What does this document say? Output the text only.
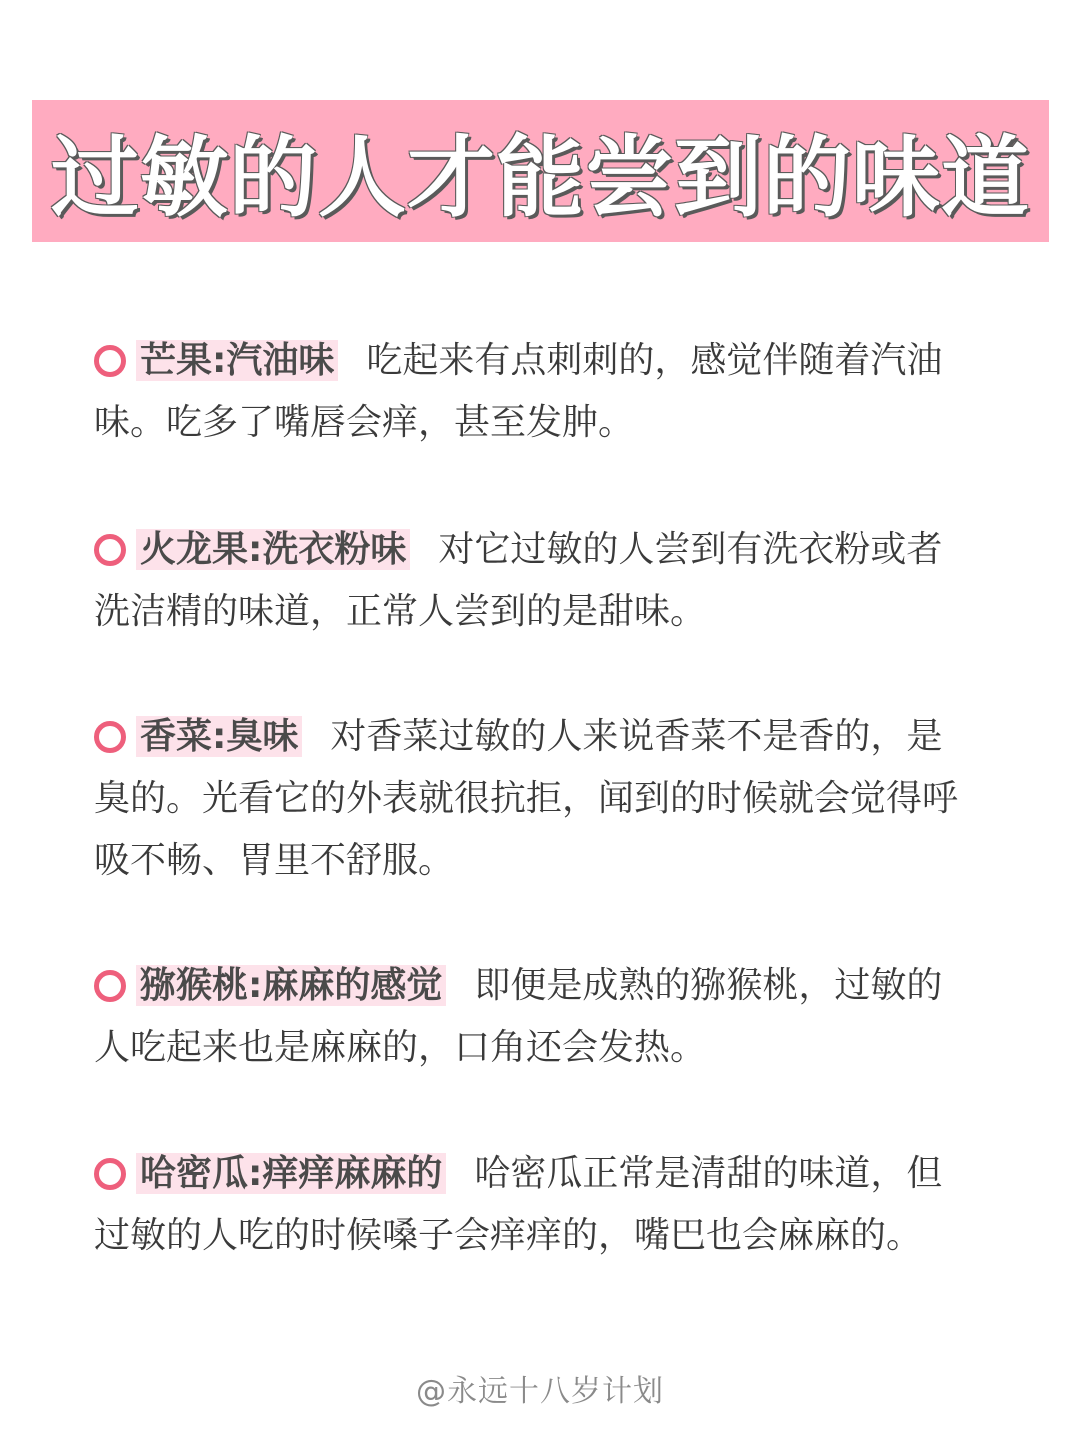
过敏的人才能尝到的味道
芒果:汽油味 吃起来有点刺刺的，感觉伴随着汽油味。吃多了嘴唇会痒，甚至发肿。
火龙果:洗衣粉味 对它过敏的人尝到有洗衣粉或者洗洁精的味道，正常人尝到的是甜味。
香菜:臭味 对香菜过敏的人来说香菜不是香的，是臭的。光看它的外表就很抗拒，闻到的时候就会觉得呼吸不畅、胃里不舒服。
猕猴桃:麻麻的感觉 即便是成熟的猕猴桃，过敏的人吃起来也是麻麻的，口角还会发热。
哈密瓜:痒痒麻麻的 哈密瓜正常是清甜的味道，但过敏的人吃的时候嗓子会痒痒的，嘴巴也会麻麻的。
@永远十八岁计划
